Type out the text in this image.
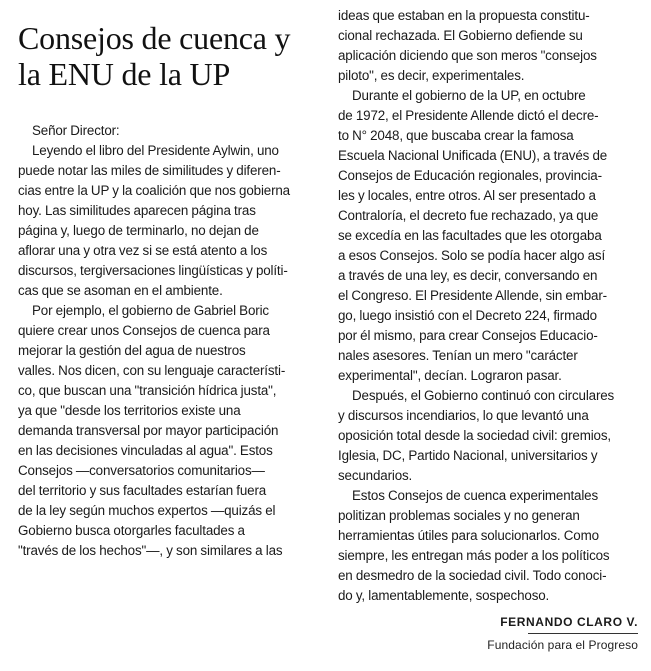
Consejos de cuenca y
la ENU de la UP
Señor Director:
Leyendo el libro del Presidente Aylwin, uno
puede notar las miles de similitudes y diferen-
cias entre la UP y la coalición que nos gobierna
hoy. Las similitudes aparecen página tras
página y, luego de terminarlo, no dejan de
aflorar una y otra vez si se está atento a los
discursos, tergiversaciones lingüísticas y políti-
cas que se asoman en el ambiente.
Por ejemplo, el gobierno de Gabriel Boric
quiere crear unos Consejos de cuenca para
mejorar la gestión del agua de nuestros
valles. Nos dicen, con su lenguaje característi-
co, que buscan una "transición hídrica justa",
ya que "desde los territorios existe una
demanda transversal por mayor participación
en las decisiones vinculadas al agua". Estos
Consejos —conversatorios comunitarios—
del territorio y sus facultades estarían fuera
de la ley según muchos expertos —quizás el
Gobierno busca otorgarles facultades a
"través de los hechos"—, y son similares a las
ideas que estaban en la propuesta constitu-
cional rechazada. El Gobierno defiende su
aplicación diciendo que son meros "consejos
piloto", es decir, experimentales.
Durante el gobierno de la UP, en octubre
de 1972, el Presidente Allende dictó el decre-
to N° 2048, que buscaba crear la famosa
Escuela Nacional Unificada (ENU), a través de
Consejos de Educación regionales, provincia-
les y locales, entre otros. Al ser presentado a
Contraloría, el decreto fue rechazado, ya que
se excedía en las facultades que les otorgaba
a esos Consejos. Solo se podía hacer algo así
a través de una ley, es decir, conversando en
el Congreso. El Presidente Allende, sin embar-
go, luego insistió con el Decreto 224, firmado
por él mismo, para crear Consejos Educacio-
nales asesores. Tenían un mero "carácter
experimental", decían. Lograron pasar.
Después, el Gobierno continuó con circulares
y discursos incendiarios, lo que levantó una
oposición total desde la sociedad civil: gremios,
Iglesia, DC, Partido Nacional, universitarios y
secundarios.
Estos Consejos de cuenca experimentales
politizan problemas sociales y no generan
herramientas útiles para solucionarlos. Como
siempre, les entregan más poder a los políticos
en desmedro de la sociedad civil. Todo conoci-
do y, lamentablemente, sospechoso.
FERNANDO CLARO V.
Fundación para el Progreso
